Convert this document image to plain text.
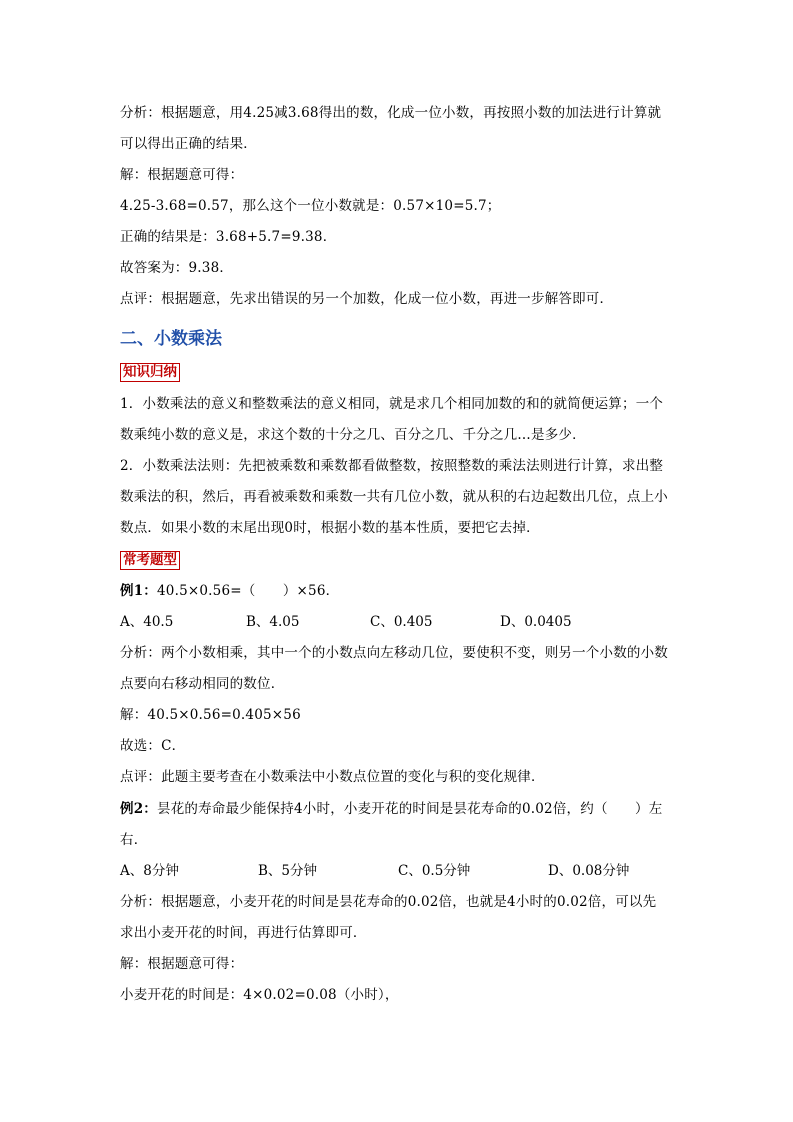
分析：根据题意，用4.25减3.68得出的数，化成一位小数，再按照小数的加法进行计算就
可以得出正确的结果．
解：根据题意可得：
4.25-3.68=0.57，那么这个一位小数就是：0.57×10=5.7；
正确的结果是：3.68+5.7=9.38．
故答案为：9.38．
点评：根据题意，先求出错误的另一个加数，化成一位小数，再进一步解答即可．
二、小数乘法
知识归纳
1．小数乘法的意义和整数乘法的意义相同，就是求几个相同加数的和的就简便运算；一个
数乘纯小数的意义是，求这个数的十分之几、百分之几、千分之几…是多少．
2．小数乘法法则：先把被乘数和乘数都看做整数，按照整数的乘法法则进行计算，求出整
数乘法的积，然后，再看被乘数和乘数一共有几位小数，就从积的右边起数出几位，点上小
数点．如果小数的末尾出现0时，根据小数的基本性质，要把它去掉．
常考题型
例1：40.5×0.56=（　　）×56．
A、40.5	B、4.05	C、0.405	D、0.0405
分析：两个小数相乘，其中一个的小数点向左移动几位，要使积不变，则另一个小数的小数
点要向右移动相同的数位．
解：40.5×0.56=0.405×56
故选：C．
点评：此题主要考查在小数乘法中小数点位置的变化与积的变化规律．
例2：昙花的寿命最少能保持4小时，小麦开花的时间是昙花寿命的0.02倍，约（　　）左
右．
A、8分钟	B、5分钟	C、0.5分钟	D、0.08分钟
分析：根据题意，小麦开花的时间是昙花寿命的0.02倍，也就是4小时的0.02倍，可以先
求出小麦开花的时间，再进行估算即可．
解：根据题意可得：
小麦开花的时间是：4×0.02=0.08（小时），
